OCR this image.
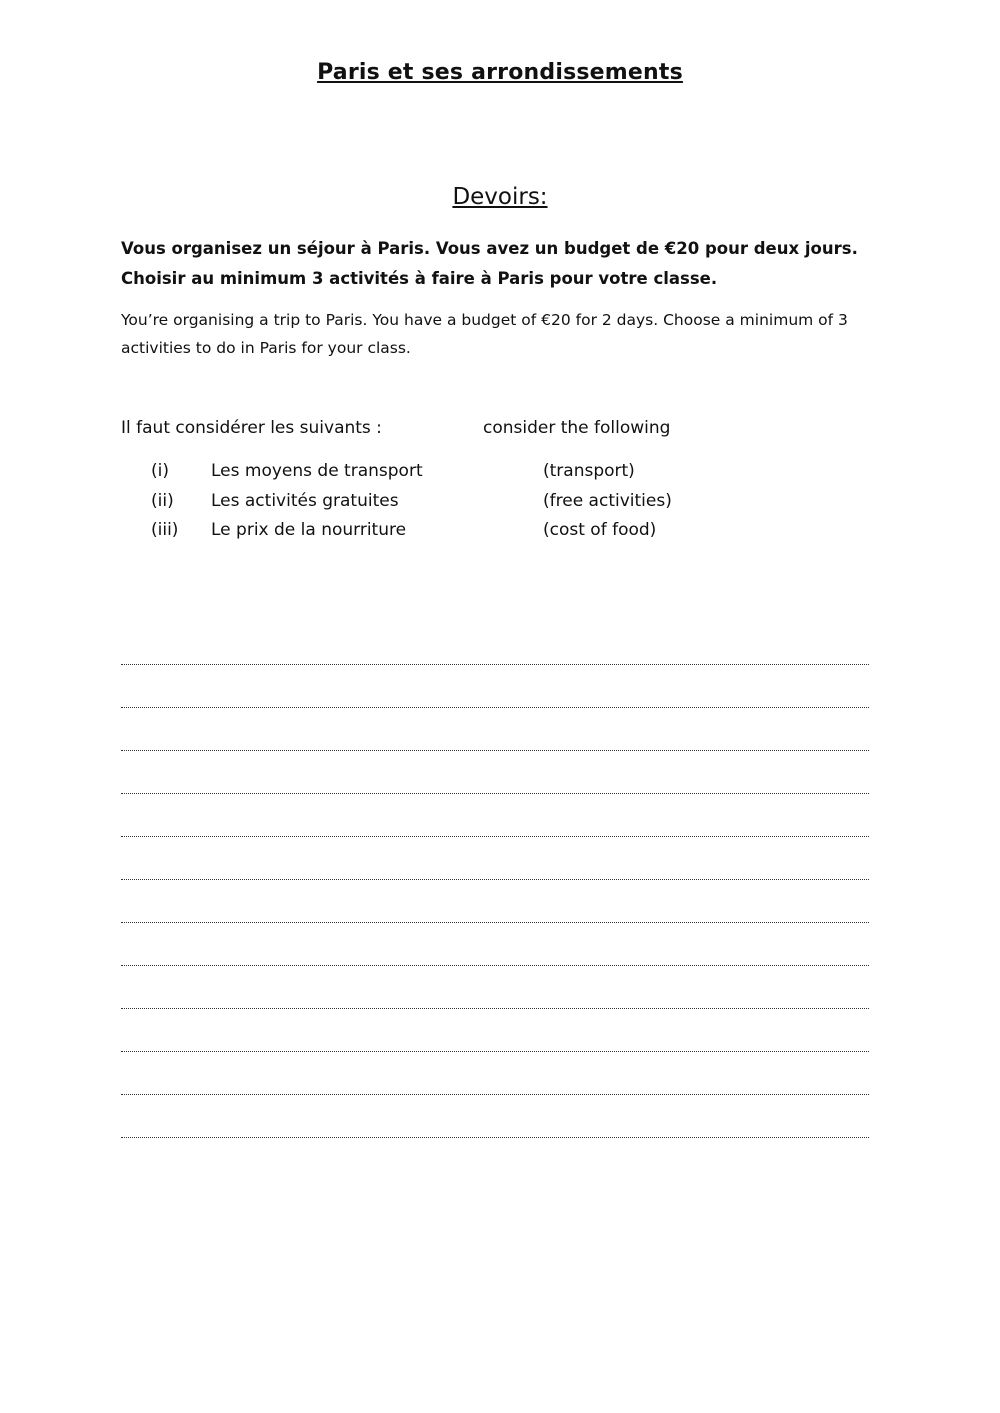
Paris et ses arrondissements
Devoirs:
Vous organisez un séjour à Paris. Vous avez un budget de €20 pour deux jours.
Choisir au minimum 3 activités à faire à Paris pour votre classe.
You’re organising a trip to Paris. You have a budget of €20 for 2 days. Choose a minimum of 3
activities to do in Paris for your class.
Il faut considérer les suivants :	consider the following
(i) Les moyens de transport	(transport)
(ii) Les activités gratuites	(free activities)
(iii) Le prix de la nourriture	(cost of food)
